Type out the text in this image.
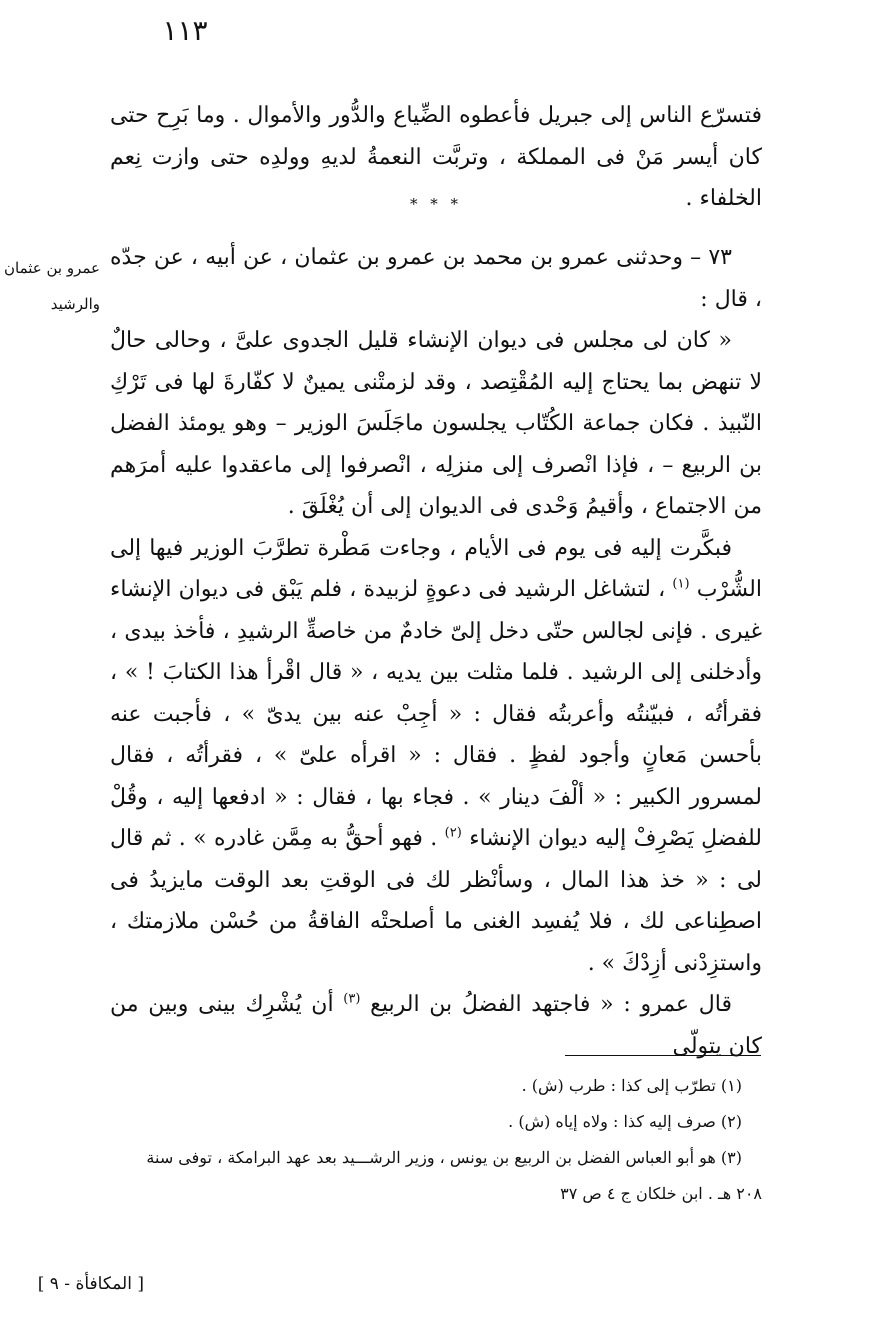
١١٣

فتسرّع الناس إلى جبريل فأعطوه الضِّياع والدُّور والأموال . وما بَرِح حتى كان أيسر مَنْ فى المملكة ، وتربَّت النعمةُ لديهِ وولدِه حتى وازت نِعم الخلفاء .

* * *
عمرو بن عثمان
والرشيد

٧٣ – وحدثنى عمرو بن محمد بن عمرو بن عثمان ، عن أبيه ، عن جدّه ، قال :

« كان لى مجلس فى ديوان الإنشاء قليل الجدوى علىَّ ، وحالى حالٌ لا تنهض بما يحتاج إليه المُقْتِصد ، وقد لزمتْنى يمينٌ لا كفّارةَ لها فى تَرْكِ النّبيذ . فكان جماعة الكُتّاب يجلسون ماجَلَسَ الوزير – وهو يومئذ الفضل بن الربيع – ، فإذا انْصرف إلى منزلِه ، انْصرفوا إلى ماعقدوا عليه أمرَهم من الاجتماع ، وأقيمُ وَحْدى فى الديوان إلى أن يُغْلَقَ .

فبكَّرت إليه فى يوم فى الأيام ، وجاءت مَطْرة تطرَّبَ الوزير فيها إلى الشُّرْب $^{(١)}$ ، لتشاغل الرشيد فى دعوةٍ لزبيدة ، فلم يَبْق فى ديوان الإنشاء غيرى . فإنى لجالس حتّى دخل إلىّ خادمٌ من خاصةِّ الرشيدِ ، فأخذ بيدى ، وأدخلنى إلى الرشيد . فلما مثلت بين يديه ، « قال اقْرأ هذا الكتابَ ! » ، فقرأتُه ، فبيّنتُه وأعربتُه فقال : « أجِبْ عنه بين يدىّ » ، فأجبت عنه بأحسن مَعانٍ وأجود لفظٍ . فقال : « اقرأه علىّ » ، فقرأتُه ، فقال لمسرور الكبير : « ألْفَ دينار » . فجاء بها ، فقال : « ادفعها إليه ، وقُلْ للفضلِ يَصْرِفْ إليه ديوان الإنشاء $^{(٢)}$ . فهو أحقُّ به مِمَّن غادره » . ثم قال لى : « خذ هذا المال ، وسأنْظر لك فى الوقتِ بعد الوقت مايزيدُ فى اصطِناعى لك ، فلا يُفسِد الغنى ما أصلحتْه الفاقةُ من حُسْن ملازمتك ، واستزِدْنى أزِدْكَ » .

قال عمرو : « فاجتهد الفضلُ بن الربيع $^{(٣)}$ أن يُشْرِك بينى وبين من كان يتولّى

(١) تطرّب إلى كذا : طرب (ش) .

(٢) صرف إليه كذا : ولاه إياه (ش) .

(٣) هو أبو العباس الفضل بن الربيع بن يونس ، وزير الرشـــيد بعد عهد البرامكة ، توفى سنة

٢٠٨ هـ . ابن خلكان ج ٤ ص ٣٧

[ المكافأة - ٩ ]
